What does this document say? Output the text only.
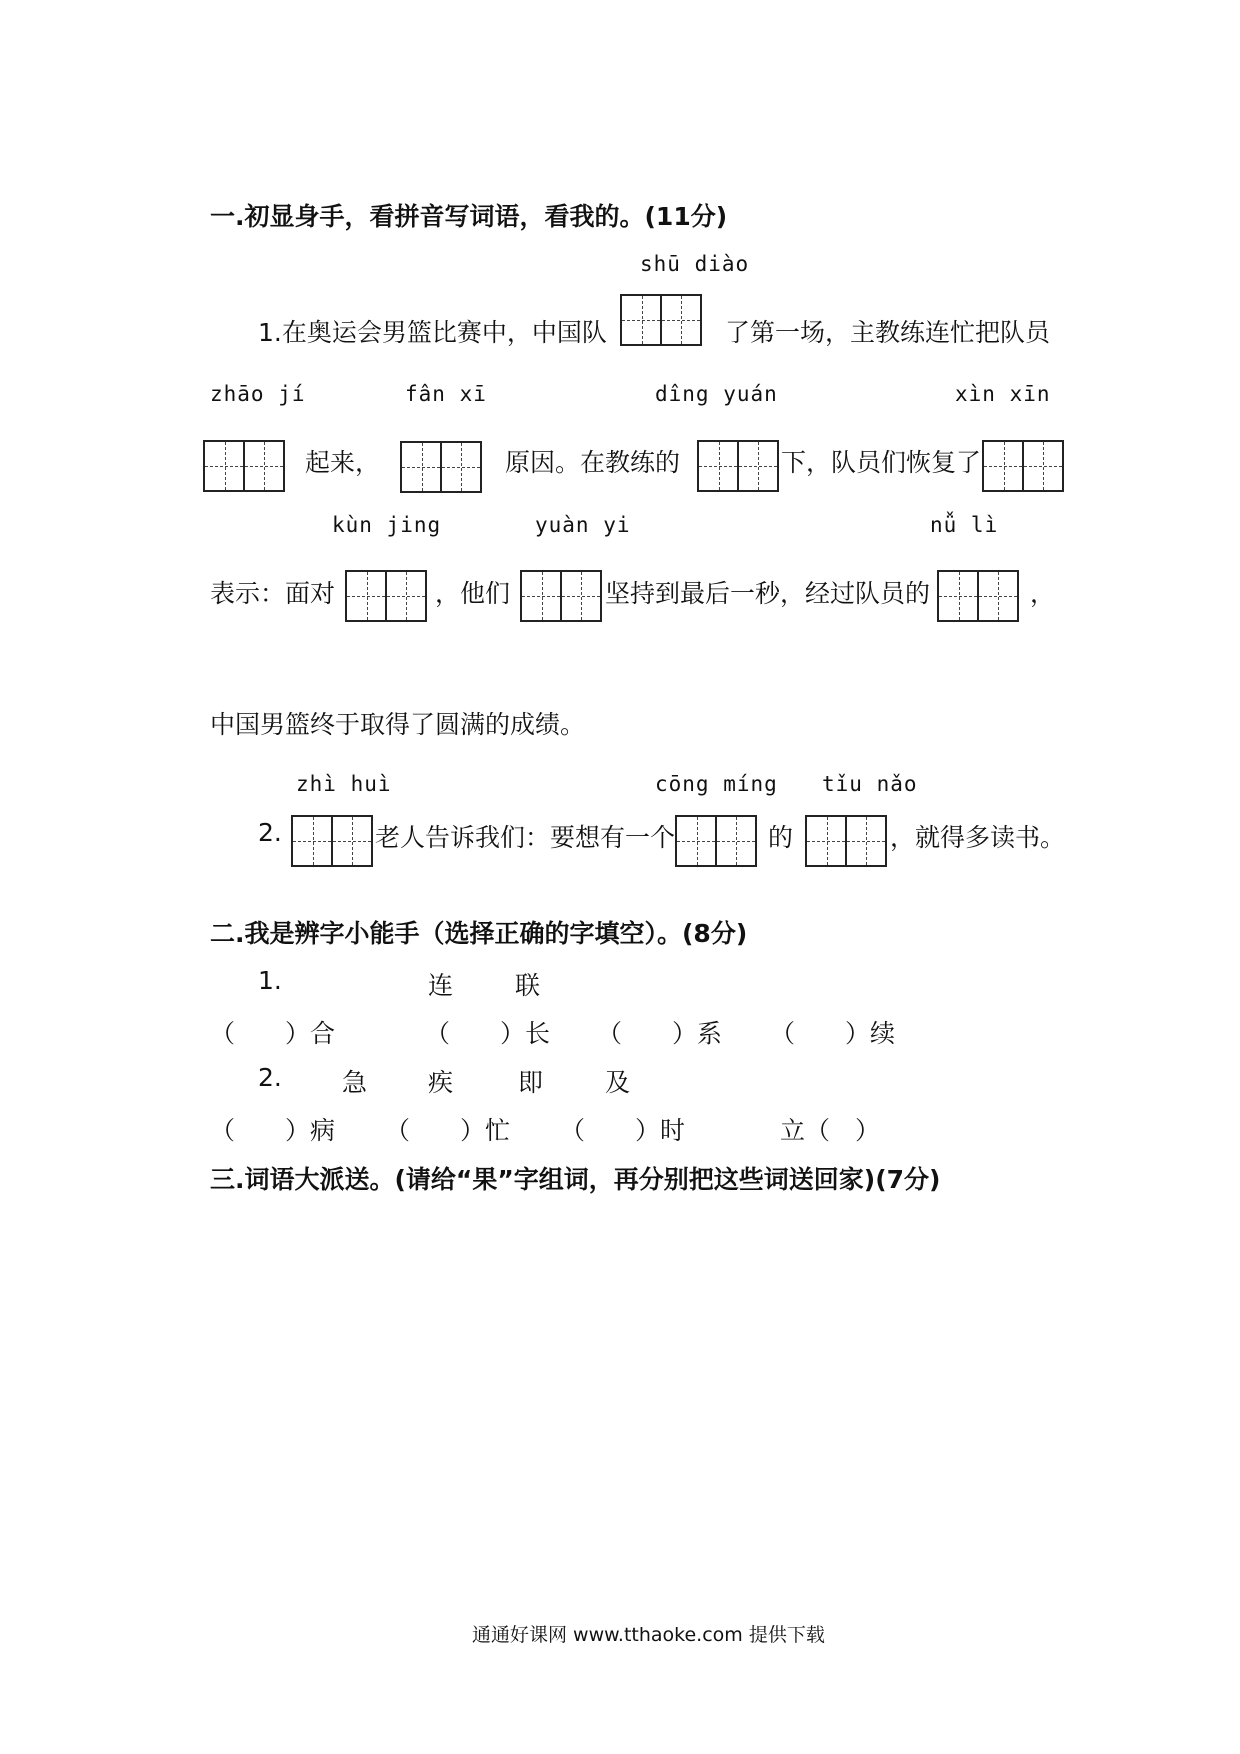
一.初显身手，看拼音写词语，看我的。(11分)
shū diào
1.在奥运会男篮比赛中，中国队	了第一场，主教练连忙把队员
zhāo jí	fân xī	dîng yuán	xìn xīn
起来，	原因。在教练的	下，队员们恢复了
kùn jing	yuàn yi	nǚ lì
表示：面对	，他们	坚持到最后一秒，经过队员的	，
中国男篮终于取得了圆满的成绩。
zhì huì	cōng míng tǐu nǎo
2.	老人告诉我们：要想有一个	的	，就得多读书。
二.我是辨字小能手（选择正确的字填空）。(8分)
1.	连 联
（　　）合	（　　）长 （　　）系 （　　）续
2. 急 疾	即 及
（　　）病 （　　）忙 （　　）时	立（　）
三.词语大派送。(请给“果”字组词，再分别把这些词送回家)(7分)
通通好课网 www.tthaoke.com 提供下载
